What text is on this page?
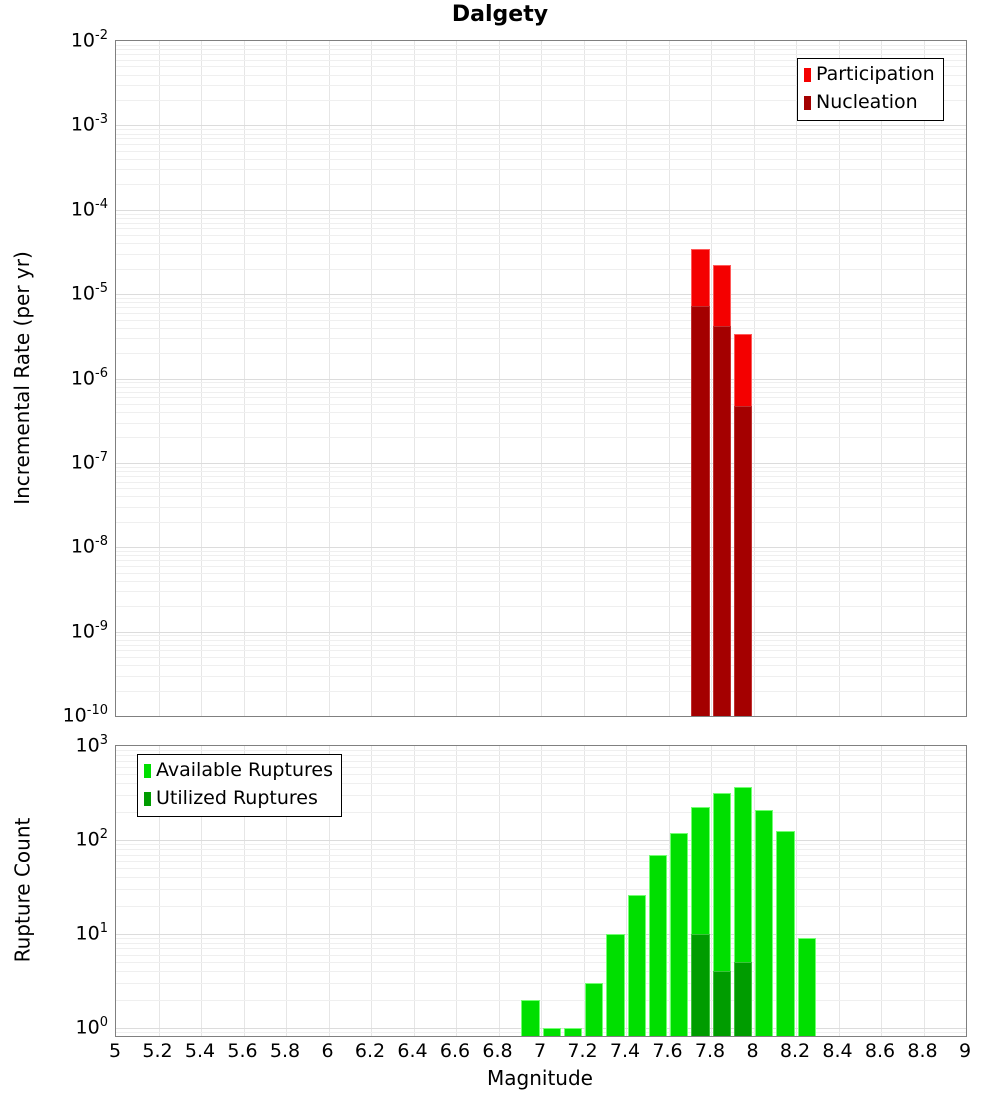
Dalgety
Incremental Rate (per yr)
Rupture Count
Participation
Nucleation
$10^{-10}$
$10^{-9}$
$10^{-8}$
$10^{-7}$
$10^{-6}$
$10^{-5}$
$10^{-4}$
$10^{-3}$
$10^{-2}$
Available Ruptures
Utilized Ruptures
$10^0$
$10^1$
$10^2$
$10^3$
5 5.2 5.4 5.6 5.8 6 6.2 6.4 6.6 6.8 7 7.2 7.4 7.6 7.8 8 8.2 8.4 8.6 8.8 9
Magnitude
